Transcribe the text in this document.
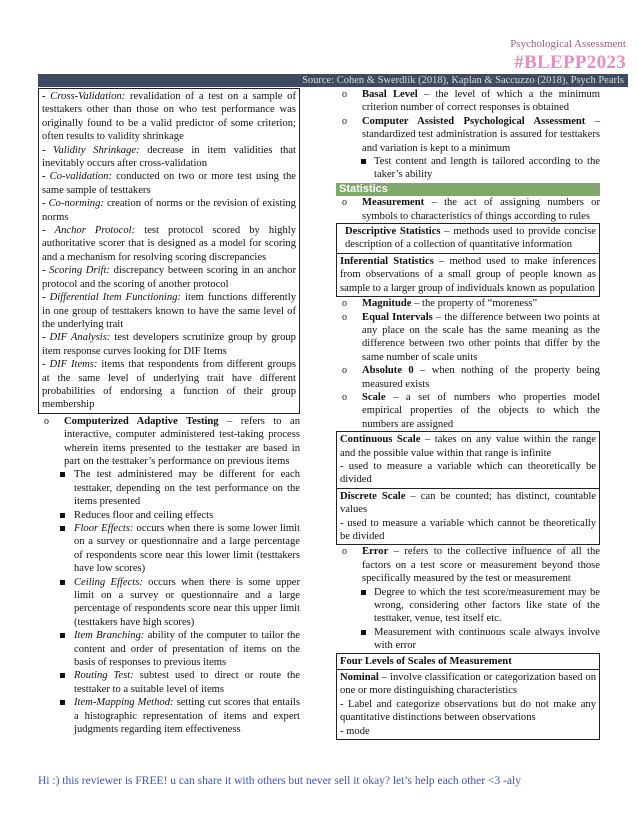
Psychological Assessment
#BLEPP2023
Source: Cohen & Swerdlik (2018), Kaplan & Saccuzzo (2018), Psych Pearls
- Cross-Validation: revalidation of a test on a sample of testtakers other than those on who test performance was originally found to be a valid predictor of some criterion; often results to validity shrinkage
- Validity Shrinkage: decrease in item validities that inevitably occurs after cross-validation
- Co-validation: conducted on two or more test using the same sample of testtakers
- Co-norming: creation of norms or the revision of existing norms
- Anchor Protocol: test protocol scored by highly authoritative scorer that is designed as a model for scoring and a mechanism for resolving scoring discrepancies
- Scoring Drift: discrepancy between scoring in an anchor protocol and the scoring of another protocol
- Differential Item Functioning: item functions differently in one group of testtakers known to have the same level of the underlying trait
- DIF Analysis: test developers scrutinize group by group item response curves looking for DIF Items
- DIF Items: items that respondents from different groups at the same level of underlying trait have different probabilities of endorsing a function of their group membership
o Computerized Adaptive Testing – refers to an interactive, computer administered test-taking process wherein items presented to the testtaker are based in part on the testtaker’s performance on previous items
The test administered may be different for each testtaker, depending on the test performance on the items presented
Reduces floor and ceiling effects
Floor Effects: occurs when there is some lower limit on a survey or questionnaire and a large percentage of respondents score near this lower limit (testtakers have low scores)
Ceiling Effects: occurs when there is some upper limit on a survey or questionnaire and a large percentage of respondents score near this upper limit (testtakers have high scores)
Item Branching: ability of the computer to tailor the content and order of presentation of items on the basis of responses to previous items
Routing Test: subtest used to direct or route the testtaker to a suitable level of items
Item-Mapping Method: setting cut scores that entails a histographic representation of items and expert judgments regarding item effectiveness
o Basal Level – the level of which a the minimum criterion number of correct responses is obtained
o Computer Assisted Psychological Assessment – standardized test administration is assured for testtakers and variation is kept to a minimum
Test content and length is tailored according to the taker’s ability
Statistics
o Measurement – the act of assigning numbers or symbols to characteristics of things according to rules
Descriptive Statistics – methods used to provide concise description of a collection of quantitative information
Inferential Statistics – method used to make inferences from observations of a small group of people known as sample to a larger group of individuals known as population
o Magnitude – the property of “moreness”
o Equal Intervals – the difference between two points at any place on the scale has the same meaning as the difference between two other points that differ by the same number of scale units
o Absolute 0 – when nothing of the property being measured exists
o Scale – a set of numbers who properties model empirical properties of the objects to which the numbers are assigned
Continuous Scale – takes on any value within the range and the possible value within that range is infinite
- used to measure a variable which can theoretically be divided
Discrete Scale – can be counted; has distinct, countable values
- used to measure a variable which cannot be theoretically be divided
o Error – refers to the collective influence of all the factors on a test score or measurement beyond those specifically measured by the test or measurement
Degree to which the test score/measurement may be wrong, considering other factors like state of the testtaker, venue, test itself etc.
Measurement with continuous scale always involve with error
Four Levels of Scales of Measurement
Nominal – involve classification or categorization based on one or more distinguishing characteristics
- Label and categorize observations but do not make any quantitative distinctions between observations
- mode
Hi :) this reviewer is FREE! u can share it with others but never sell it okay? let’s help each other <3 -aly
